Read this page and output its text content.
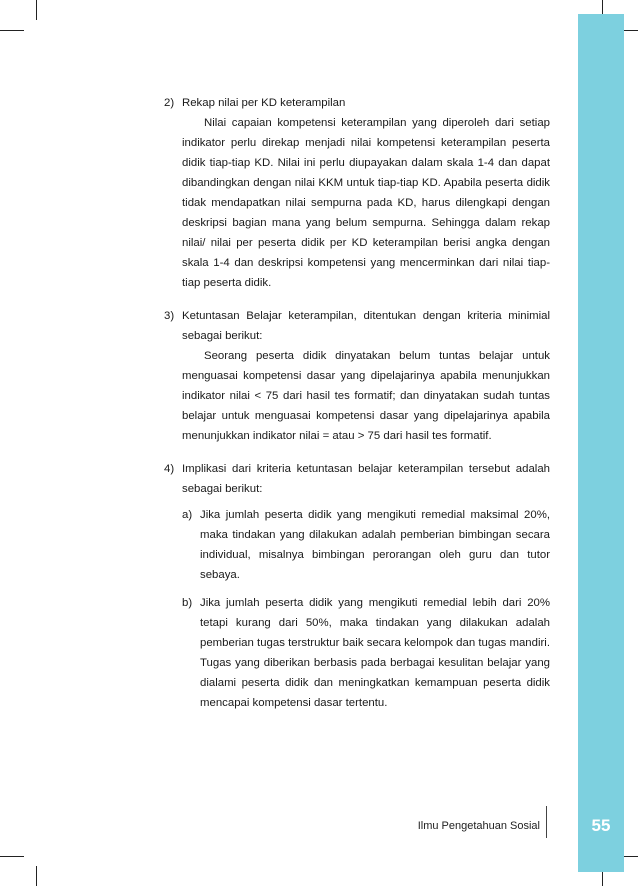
2) Rekap nilai per KD keterampilan
Nilai capaian kompetensi keterampilan yang diperoleh dari setiap indikator perlu direkap menjadi nilai kompetensi keterampilan peserta didik tiap-tiap KD. Nilai ini perlu diupayakan dalam skala 1-4 dan dapat dibandingkan dengan nilai KKM untuk tiap-tiap KD. Apabila peserta didik tidak mendapatkan nilai sempurna pada KD, harus dilengkapi dengan deskripsi bagian mana yang belum sempurna. Sehingga dalam rekap nilai/ nilai per peserta didik per KD keterampilan berisi angka dengan skala 1-4 dan deskripsi kompetensi yang mencerminkan dari nilai tiap-tiap peserta didik.
3) Ketuntasan Belajar keterampilan, ditentukan dengan kriteria minimial sebagai berikut:
Seorang peserta didik dinyatakan belum tuntas belajar untuk menguasai kompetensi dasar yang dipelajarinya apabila menunjukkan indikator nilai < 75 dari hasil tes formatif; dan dinyatakan sudah tuntas belajar untuk menguasai kompetensi dasar yang dipelajarinya apabila menunjukkan indikator nilai = atau > 75 dari hasil tes formatif.
4) Implikasi dari kriteria ketuntasan belajar keterampilan tersebut adalah sebagai berikut:
a) Jika jumlah peserta didik yang mengikuti remedial maksimal 20%, maka tindakan yang dilakukan adalah pemberian bimbingan secara individual, misalnya bimbingan perorangan oleh guru dan tutor sebaya.
b) Jika jumlah peserta didik yang mengikuti remedial lebih dari 20% tetapi kurang dari 50%, maka tindakan yang dilakukan adalah pemberian tugas terstruktur baik secara kelompok dan tugas mandiri. Tugas yang diberikan berbasis pada berbagai kesulitan belajar yang dialami peserta didik dan meningkatkan kemampuan peserta didik mencapai kompetensi dasar tertentu.
Ilmu Pengetahuan Sosial	55
